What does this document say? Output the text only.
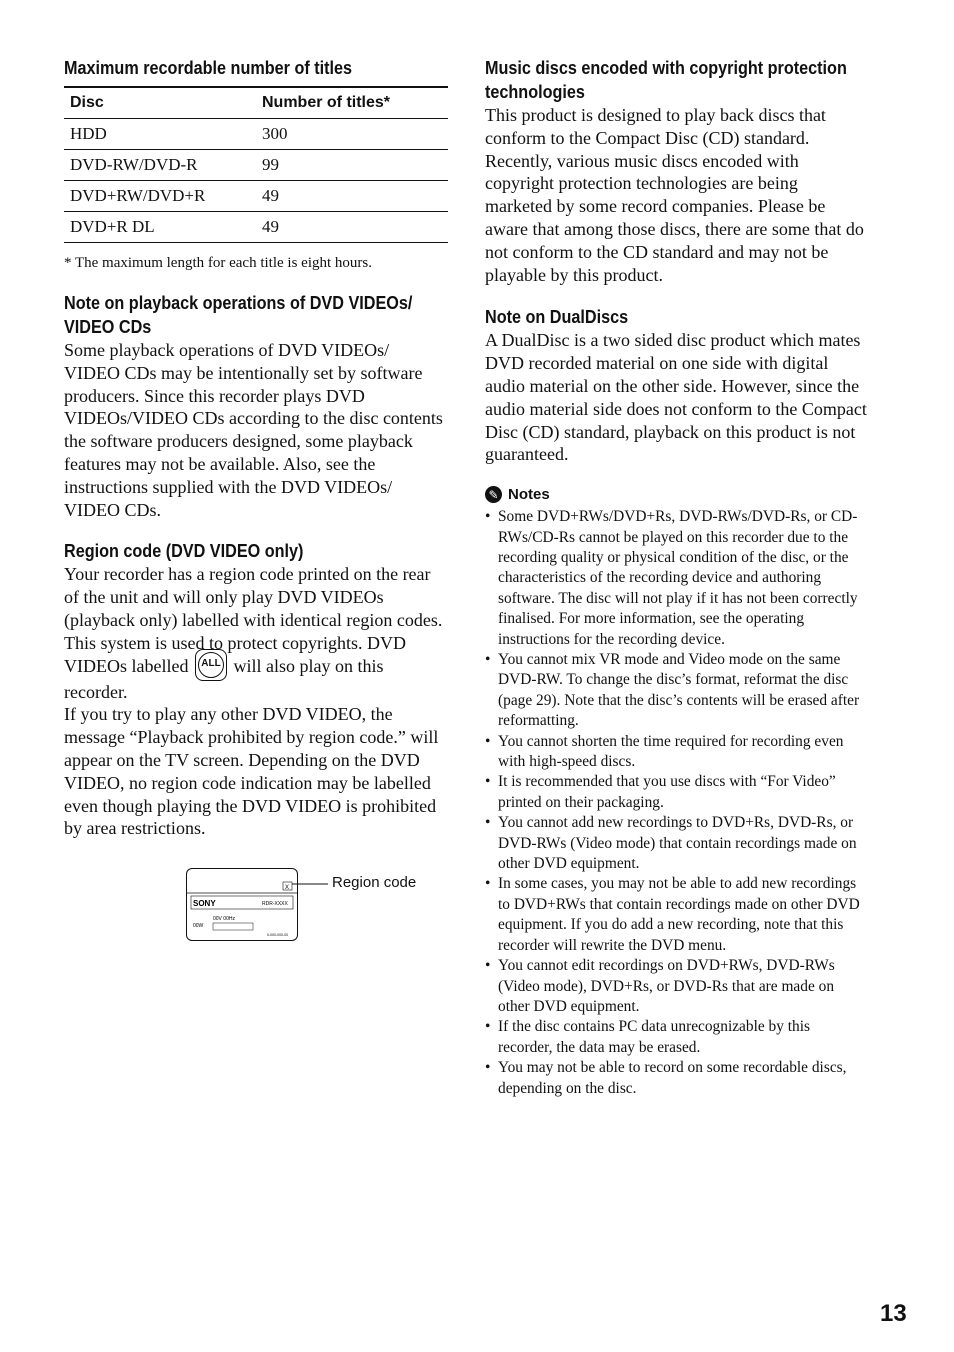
Maximum recordable number of titles
Disc	Number of titles*
HDD	300
DVD-RW/DVD-R	99
DVD+RW/DVD+R	49
DVD+R DL	49
* The maximum length for each title is eight hours.
Note on playback operations of DVD VIDEOs/ VIDEO CDs
Some playback operations of DVD VIDEOs/ VIDEO CDs may be intentionally set by software producers. Since this recorder plays DVD VIDEOs/VIDEO CDs according to the disc contents the software producers designed, some playback features may not be available. Also, see the instructions supplied with the DVD VIDEOs/ VIDEO CDs.
Region code (DVD VIDEO only)
Your recorder has a region code printed on the rear of the unit and will only play DVD VIDEOs (playback only) labelled with identical region codes. This system is used to protect copyrights. DVD VIDEOs labelled	ALL will also play on this recorder.
If you try to play any other DVD VIDEO, the message “Playback prohibited by region code.” will appear on the TV screen. Depending on the DVD VIDEO, no region code indication may be labelled even though playing the DVD VIDEO is prohibited by area restrictions.
SONY	RDR-XXXX
00V 00Hz
00W
0-000-000-00
X	Region code
Music discs encoded with copyright protection technologies
This product is designed to play back discs that conform to the Compact Disc (CD) standard. Recently, various music discs encoded with copyright protection technologies are being marketed by some record companies. Please be aware that among those discs, there are some that do not conform to the CD standard and may not be playable by this product.
Note on DualDiscs
A DualDisc is a two sided disc product which mates DVD recorded material on one side with digital audio material on the other side. However, since the audio material side does not conform to the Compact Disc (CD) standard, playback on this product is not guaranteed.
✎ Notes
• Some DVD+RWs/DVD+Rs, DVD-RWs/DVD-Rs, or CD-RWs/CD-Rs cannot be played on this recorder due to the recording quality or physical condition of the disc, or the characteristics of the recording device and authoring software. The disc will not play if it has not been correctly finalised. For more information, see the operating instructions for the recording device.
• You cannot mix VR mode and Video mode on the same DVD-RW. To change the disc’s format, reformat the disc (page 29). Note that the disc’s contents will be erased after reformatting.
• You cannot shorten the time required for recording even with high-speed discs.
• It is recommended that you use discs with “For Video” printed on their packaging.
• You cannot add new recordings to DVD+Rs, DVD-Rs, or DVD-RWs (Video mode) that contain recordings made on other DVD equipment.
• In some cases, you may not be able to add new recordings to DVD+RWs that contain recordings made on other DVD equipment. If you do add a new recording, note that this recorder will rewrite the DVD menu.
• You cannot edit recordings on DVD+RWs, DVD-RWs (Video mode), DVD+Rs, or DVD-Rs that are made on other DVD equipment.
• If the disc contains PC data unrecognizable by this recorder, the data may be erased.
• You may not be able to record on some recordable discs, depending on the disc.
13
